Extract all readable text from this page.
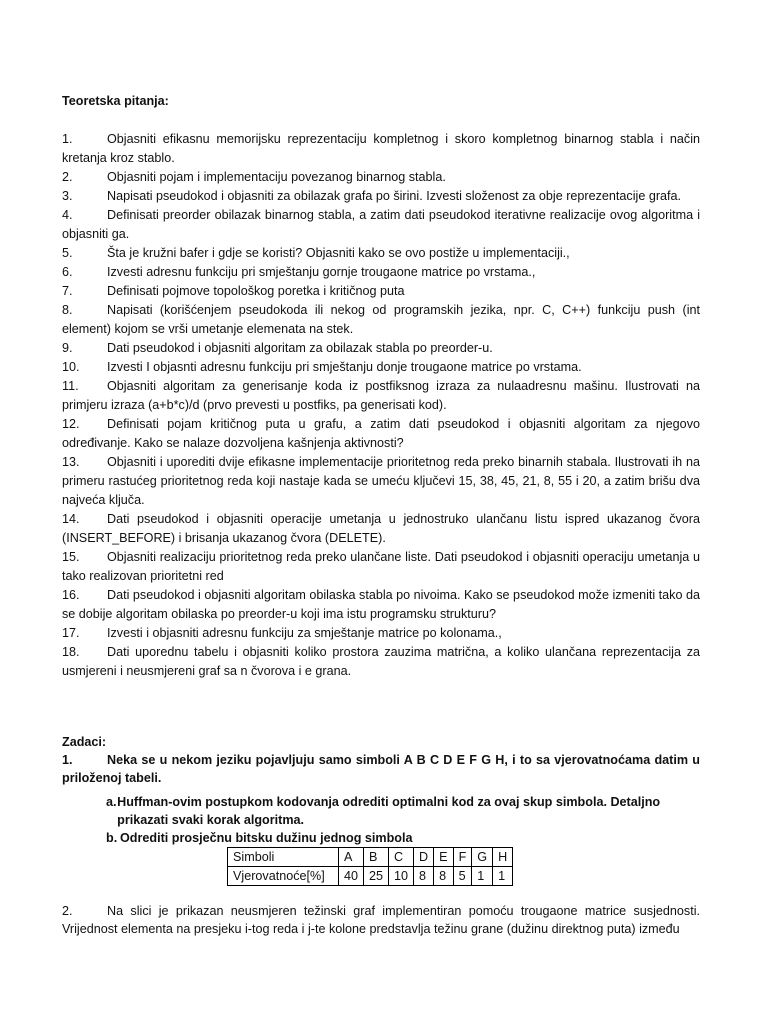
Teoretska pitanja:

1.	Objasniti efikasnu memorijsku reprezentaciju kompletnog i skoro kompletnog binarnog stabla i način kretanja kroz stablo.

2.	Objasniti pojam i implementaciju povezanog binarnog stabla.

3.	Napisati pseudokod i objasniti za obilazak grafa po širini. Izvesti složenost za obje reprezentacije grafa.

4.	Definisati preorder obilazak binarnog stabla, a zatim dati pseudokod iterativne realizacije ovog algoritma i objasniti ga.

5.	Šta je kružni bafer i gdje se koristi? Objasniti kako se ovo postiže u implementaciji.,

6.	Izvesti adresnu funkciju pri smještanju gornje trougaone matrice po vrstama.,

7.	Definisati pojmove topološkog poretka i kritičnog puta

8.	Napisati (korišćenjem pseudokoda ili nekog od programskih jezika, npr. C, C++) funkciju push (int element) kojom se vrši umetanje elemenata na stek.

9.	Dati pseudokod i objasniti algoritam za obilazak stabla po preorder-u.

10. Izvesti I objasnti adresnu funkciju pri smještanju donje trougaone matrice po vrstama.

11. Objasniti algoritam za generisanje koda iz postfiksnog izraza za nulaadresnu mašinu. Ilustrovati na primjeru izraza (a+b*c)/d (prvo prevesti u postfiks, pa generisati kod).

12. Definisati pojam kritičnog puta u grafu, a zatim dati pseudokod i objasniti algoritam za njegovo određivanje. Kako se nalaze dozvoljena kašnjenja aktivnosti?

13. Objasniti i uporediti dvije efikasne implementacije prioritetnog reda preko binarnih stabala. Ilustrovati ih na primeru rastućeg prioritetnog reda koji nastaje kada se umeću ključevi 15, 38, 45, 21, 8, 55 i 20, a zatim brišu dva najveća ključa.

14. Dati pseudokod i objasniti operacije umetanja u jednostruko ulančanu listu ispred ukazanog čvora (INSERT_BEFORE) i brisanja ukazanog čvora (DELETE).

15. Objasniti realizaciju prioritetnog reda preko ulančane liste. Dati pseudokod i objasniti operaciju umetanja u tako realizovan prioritetni red

16. Dati pseudokod i objasniti algoritam obilaska stabla po nivoima. Kako se pseudokod može izmeniti tako da se dobije algoritam obilaska po preorder-u koji ima istu programsku strukturu?

17. Izvesti i objasniti adresnu funkciju za smještanje matrice po kolonama.,

18. Dati uporednu tabelu i objasniti koliko prostora zauzima matrična, a koliko ulančana reprezentacija za usmjereni i neusmjereni graf sa n čvorova i e grana.

Zadaci:

1.	Neka se u nekom jeziku pojavljuju samo simboli A B C D E F G H, i to sa vjerovatnoćama datim u priloženoj tabeli.

a. Huffman-ovim postupkom kodovanja odrediti optimalni kod za ovaj skup simbola. Detaljno prikazati svaki korak algoritma.
b. Odrediti prosječnu bitsku dužinu jednog simbola
Simboli	A	B	C	D	E	F	G	H
Vjerovatnoće[%]	40	25	10	8	8	5	1	1

2.	Na slici je prikazan neusmjeren težinski graf implementiran pomoću trougaone matrice susjednosti. Vrijednost elementa na presjeku i-tog reda i j-te kolone predstavlja težinu grane (dužinu direktnog puta) između
